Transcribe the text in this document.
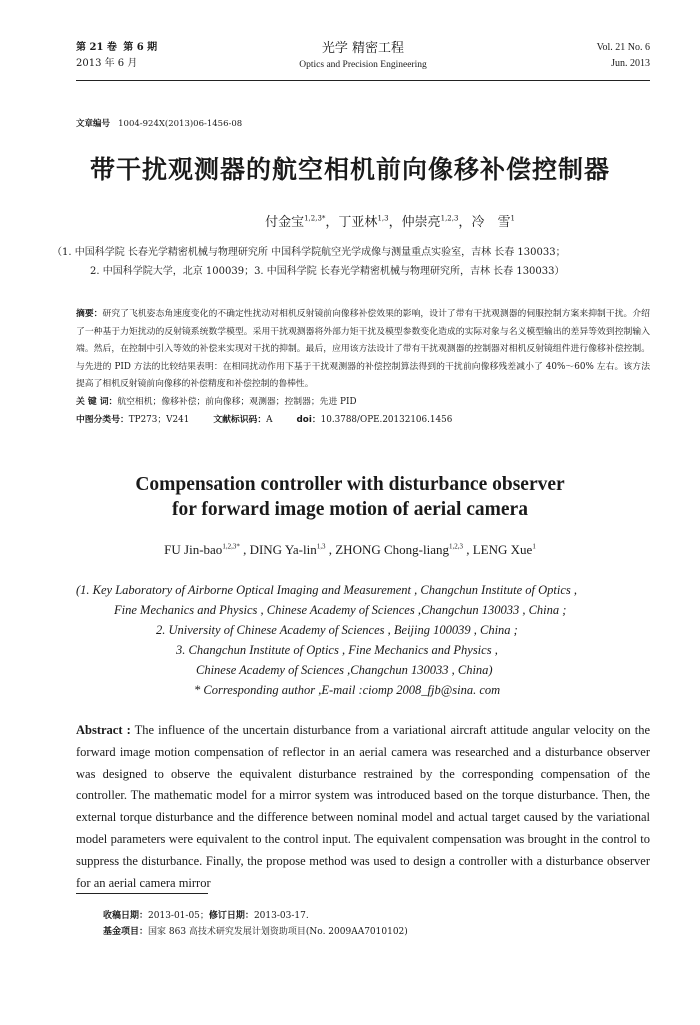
第 21 卷 第 6 期
2013 年 6 月
光学 精密工程
Optics and Precision Engineering
Vol. 21 No. 6
Jun. 2013
文章编号 1004-924X(2013)06-1456-08
带干扰观测器的航空相机前向像移补偿控制器
付金宝$^{1,2,3*}$，丁亚林$^{1,3}$，仲崇亮$^{1,2,3}$，冷　雪$^1$
（1. 中国科学院 长春光学精密机械与物理研究所 中国科学院航空光学成像与测量重点实验室，吉林 长春 130033；
2. 中国科学院大学，北京 100039；3. 中国科学院 长春光学精密机械与物理研究所，吉林 长春 130033）
摘要：研究了飞机姿态角速度变化的不确定性扰动对相机反射镜前向像移补偿效果的影响，设计了带有干扰观测器的伺服控制方案来抑制干扰。介绍了一种基于力矩扰动的反射镜系统数学模型。采用干扰观测器将外部力矩干扰及模型参数变化造成的实际对象与名义模型输出的差异等效到控制输入端。然后，在控制中引入等效的补偿来实现对干扰的抑制。最后，应用该方法设计了带有干扰观测器的控制器对相机反射镜组件进行像移补偿控制。与先进的 PID 方法的比较结果表明：在相同扰动作用下基于干扰观测器的补偿控制算法得到的干扰前向像移残差减小了 40%～60% 左右。该方法提高了相机反射镜前向像移的补偿精度和补偿控制的鲁棒性。
关 键 词：航空相机；像移补偿；前向像移；观测器；控制器；先进 PID
中图分类号：TP273；V241	文献标识码：A	doi：10.3788/OPE.20132106.1456
Compensation controller with disturbance observer
for forward image motion of aerial camera
FU Jin-bao$^{1,2,3*}$ , DING Ya-lin$^{1,3}$ , ZHONG Chong-liang$^{1,2,3}$ , LENG Xue$^1$
(1. Key Laboratory of Airborne Optical Imaging and Measurement , Changchun Institute of Optics ,
Fine Mechanics and Physics , Chinese Academy of Sciences ,Changchun 130033 , China ;
2. University of Chinese Academy of Sciences , Beijing 100039 , China ;
3. Changchun Institute of Optics , Fine Mechanics and Physics ,
Chinese Academy of Sciences ,Changchun 130033 , China)
* Corresponding author ,E-mail :ciomp 2008_fjb@sina. com
Abstract : The influence of the uncertain disturbance from a variational aircraft attitude angular velocity on the forward image motion compensation of reflector in an aerial camera was researched and a disturbance observer was designed to observe the equivalent disturbance restrained by the corresponding compensation of the controller. The mathematic model for a mirror system was introduced based on the torque disturbance. Then, the external torque disturbance and the difference between nominal model and actual target caused by the variational model parameters were equivalent to the control input. The equivalent compensation was brought in the control to suppress the disturbance. Finally, the propose method was used to design a controller with a disturbance observer for an aerial camera mirror
收稿日期：2013-01-05；修订日期：2013-03-17.
基金项目：国家 863 高技术研究发展计划资助项目(No. 2009AA7010102)
